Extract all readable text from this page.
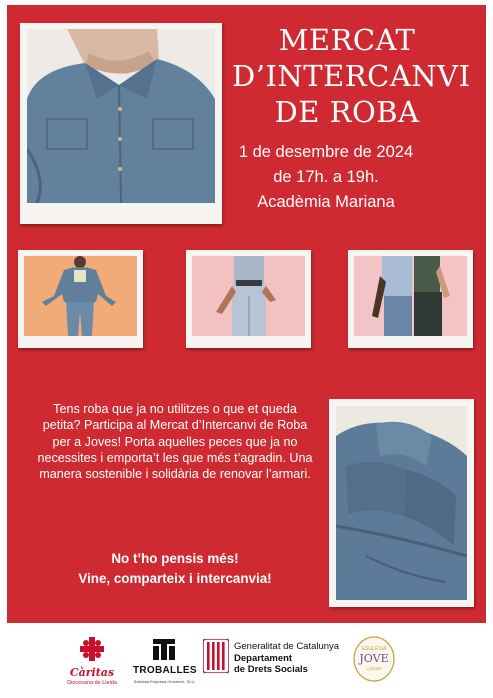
MERCAT
D’INTERCANVI
DE ROBA
1 de desembre de 2024
de 17h. a 19h.
Acadèmia Mariana
Tens roba que ja no utilitzes o que et queda
petita? Participa al Mercat d’Intercanvi de Roba
per a Joves! Porta aquelles peces que ja no
necessites i emporta’t les que més t’agradin. Una
manera sostenible i solidària de renovar l’armari.
No t’ho pensis més!
Vine, comparteix i intercanvia!
Càritas
Diocesana de Lleida
TROBALLES
Solidària Empresa d'Inserció, SLU
Generalitat de Catalunya
Departament
de Drets Socials
ESGLÉSIA
JOVE
LLEIDA
